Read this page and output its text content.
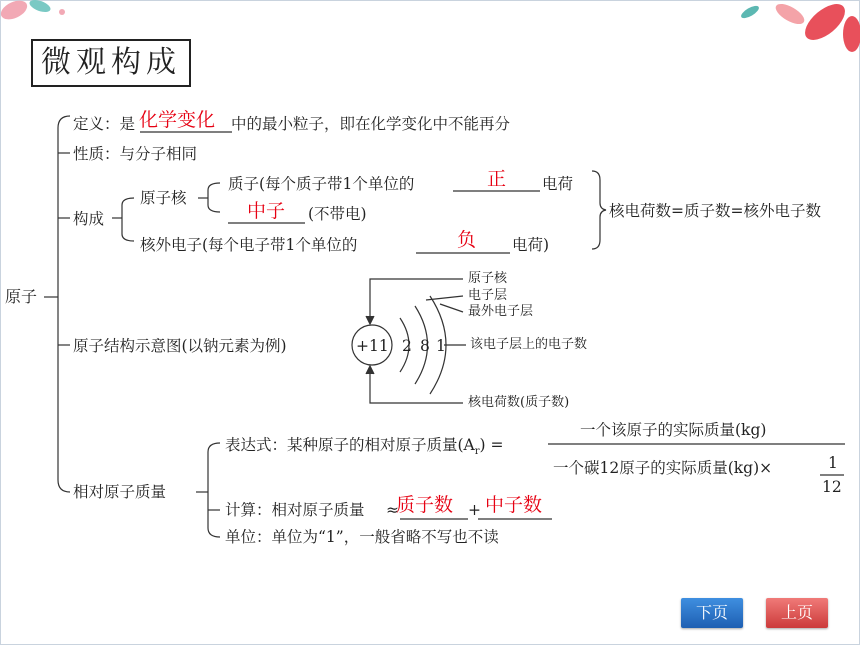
微观构成
原子
定义：是 化学变化 中的最小粒子，即在化学变化中不能再分
性质：与分子相同
构成
原子核
质子(每个质子带1个单位的	正 电荷
中子 (不带电)
核外电子(每个电子带1个单位的	负 电荷)
核电荷数=质子数=核外电子数
原子结构示意图(以钠元素为例)	+11 2 8 1
原子核
电子层
最外电子层
该电子层上的电子数
核电荷数(质子数)
相对原子质量
表达式：某种原子的相对原子质量$(A_r)$ =
一个该原子的实际质量(kg)
一个碳12原子的实际质量(kg)×	1
12
计算：相对原子质量 ≈
质子数 + 中子数
单位：单位为“1”，一般省略不写也不读
下页	上页
